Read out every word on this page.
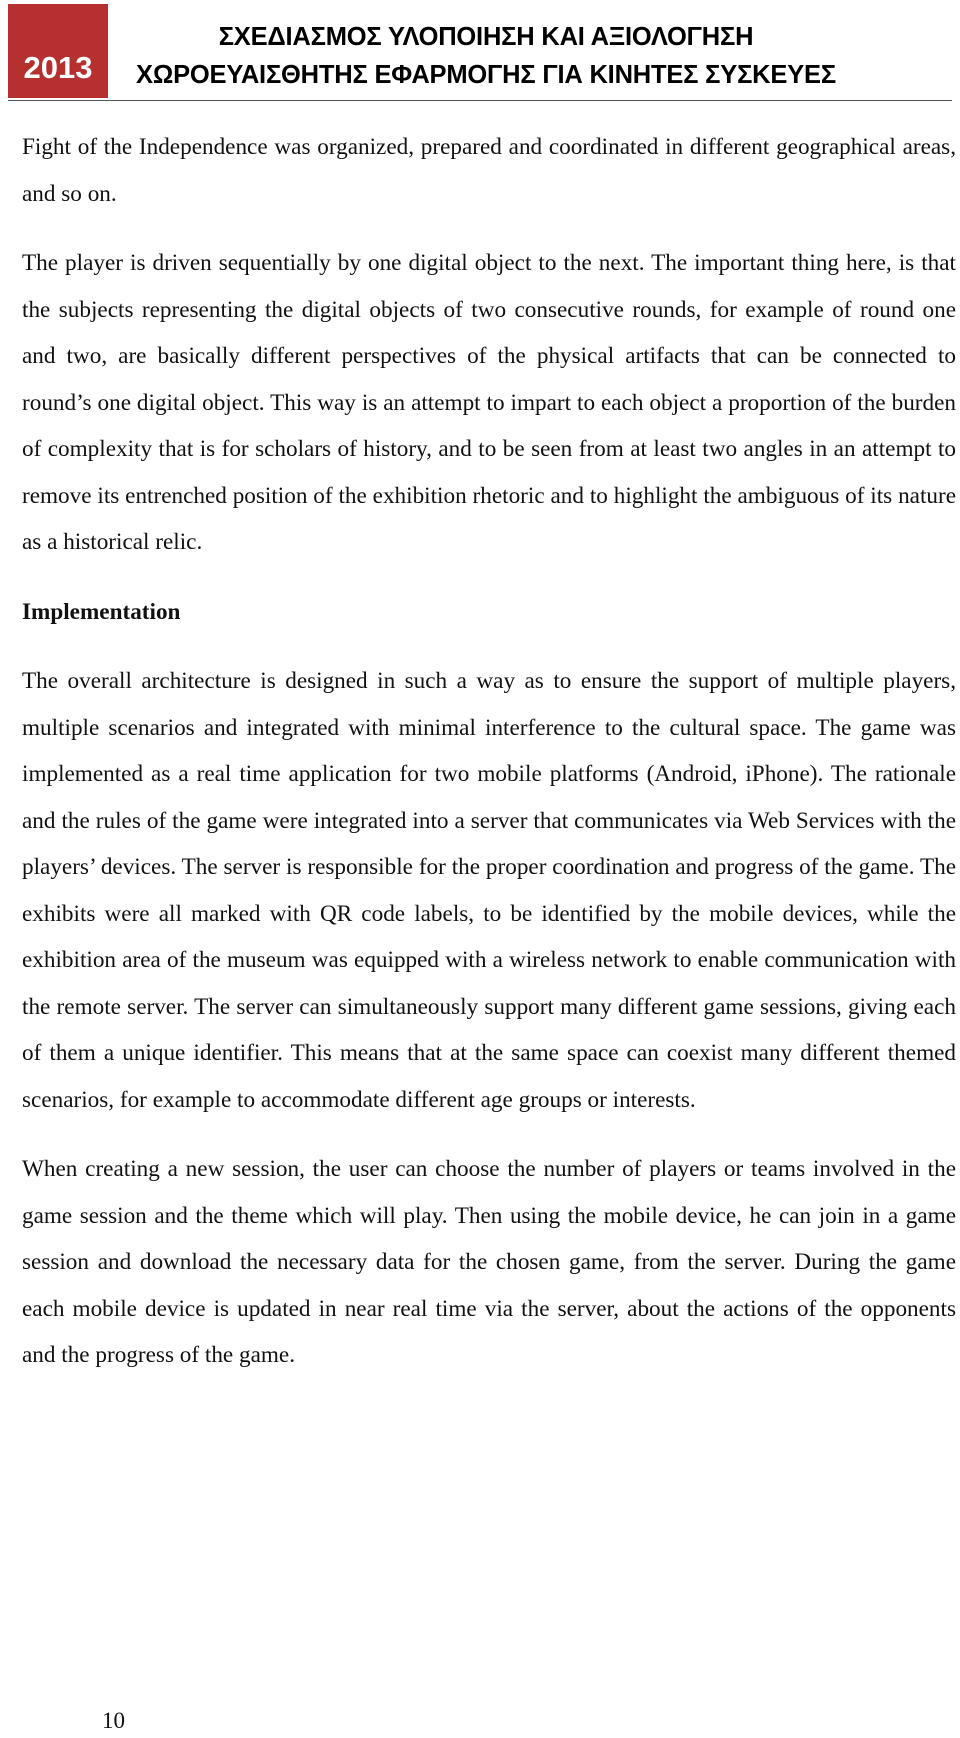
2013
ΣΧΕΔΙΑΣΜΟΣ ΥΛΟΠΟΙΗΣΗ ΚΑΙ ΑΞΙΟΛΟΓΗΣΗ
ΧΩΡΟΕΥΑΙΣΘΗΤΗΣ ΕΦΑΡΜΟΓΗΣ ΓΙΑ ΚΙΝΗΤΕΣ ΣΥΣΚΕΥΕΣ

Fight of the Independence was organized, prepared and coordinated in different geographical areas, and so on.

The player is driven sequentially by one digital object to the next. The important thing here, is that the subjects representing the digital objects of two consecutive rounds, for example of round one and two, are basically different perspectives of the physical artifacts that can be connected to round’s one digital object. This way is an attempt to impart to each object a proportion of the burden of complexity that is for scholars of history, and to be seen from at least two angles in an attempt to remove its entrenched position of the exhibition rhetoric and to highlight the ambiguous of its nature as a historical relic.

Implementation

The overall architecture is designed in such a way as to ensure the support of multiple players, multiple scenarios and integrated with minimal interference to the cultural space. The game was implemented as a real time application for two mobile platforms (Android, iPhone). The rationale and the rules of the game were integrated into a server that communicates via Web Services with the players’ devices. The server is responsible for the proper coordination and progress of the game. The exhibits were all marked with QR code labels, to be identified by the mobile devices, while the exhibition area of the museum was equipped with a wireless network to enable communication with the remote server. The server can simultaneously support many different game sessions, giving each of them a unique identifier. This means that at the same space can coexist many different themed scenarios, for example to accommodate different age groups or interests.

When creating a new session, the user can choose the number of players or teams involved in the game session and the theme which will play. Then using the mobile device, he can join in a game session and download the necessary data for the chosen game, from the server. During the game each mobile device is updated in near real time via the server, about the actions of the opponents and the progress of the game.

10
